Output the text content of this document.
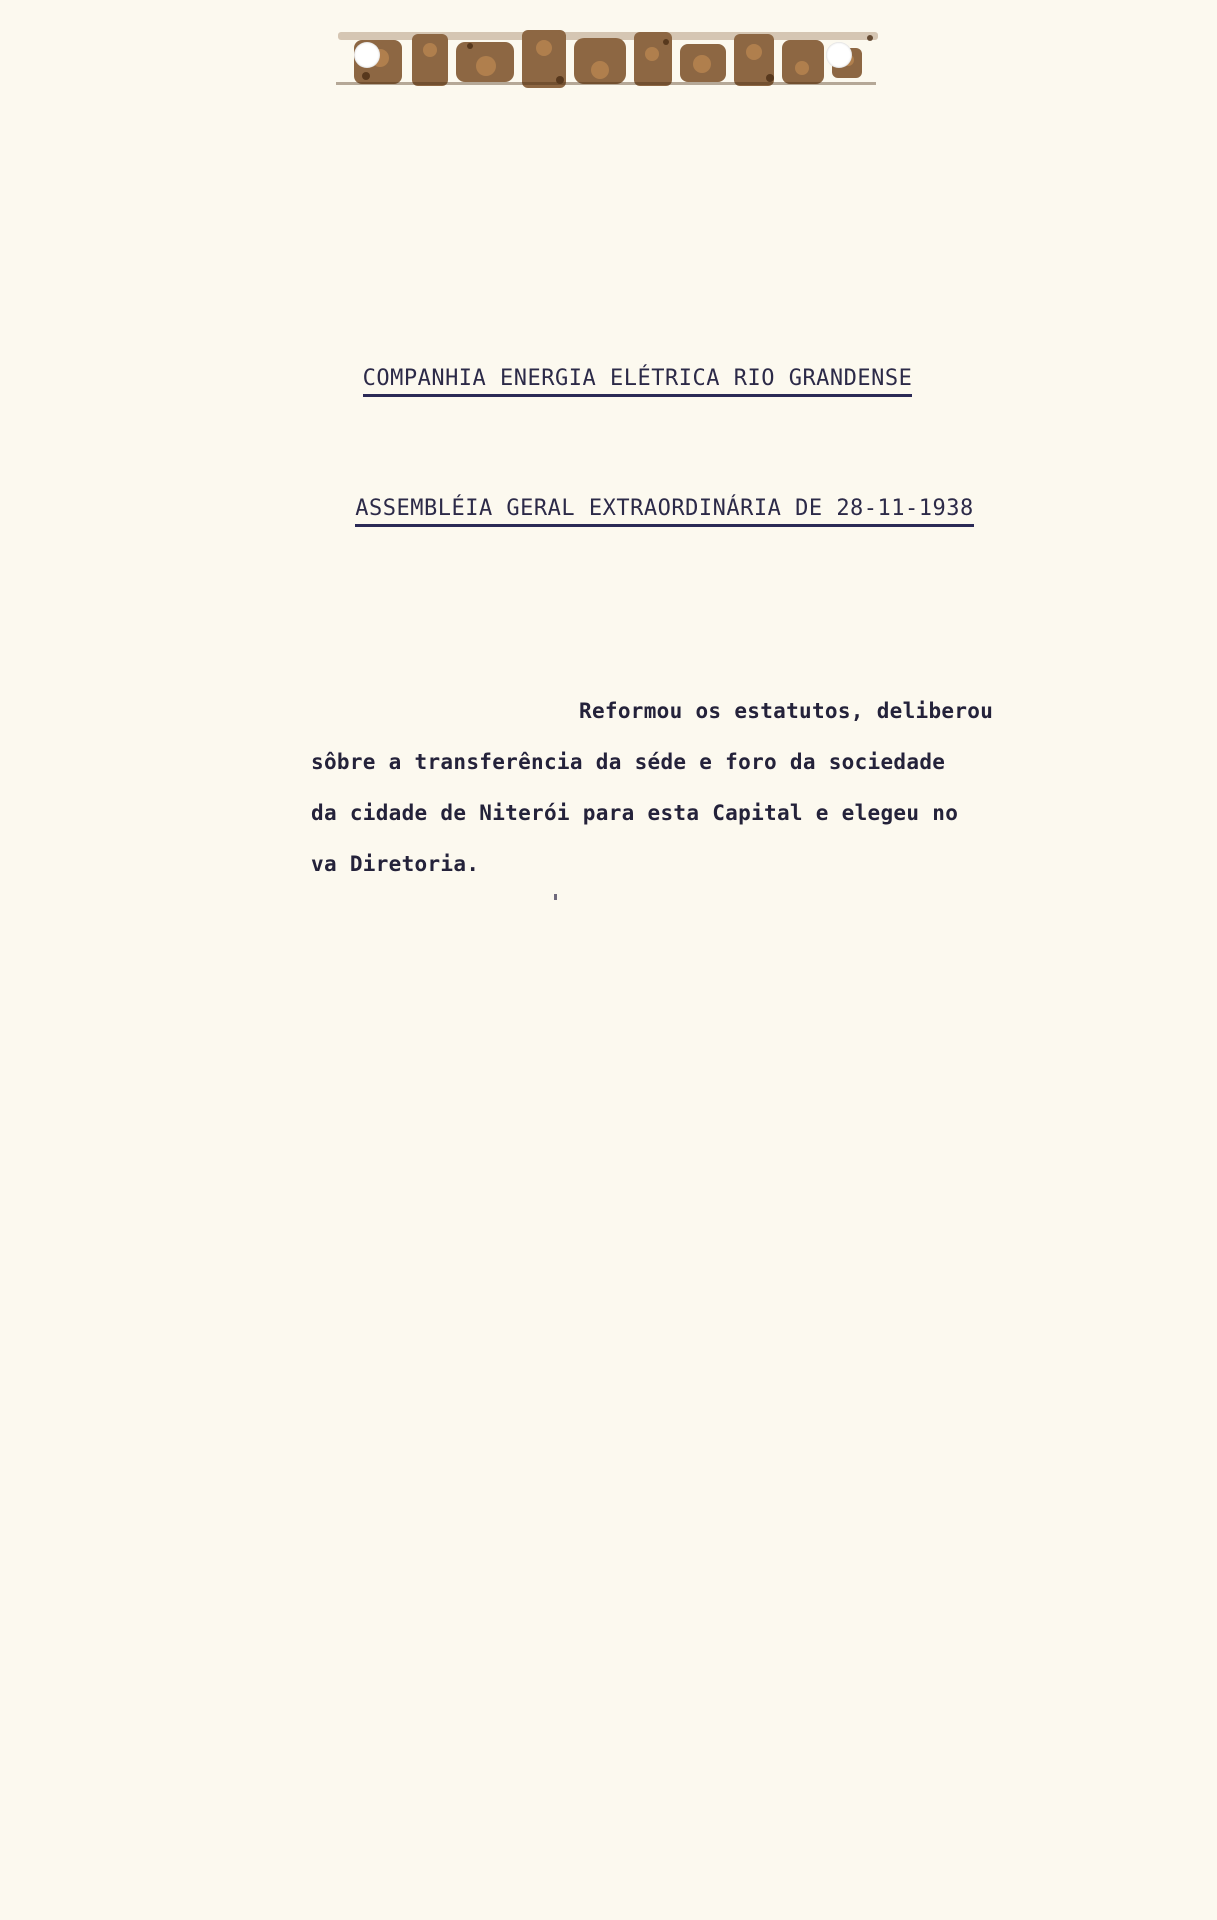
COMPANHIA ENERGIA ELÉTRICA RIO GRANDENSE
ASSEMBLÉIA GERAL EXTRAORDINÁRIA DE 28-11-1938
Reformou os estatutos, deliberou
sôbre a transferência da séde e foro da sociedade
da cidade de Niterói para esta Capital e elegeu no
va Diretoria.
